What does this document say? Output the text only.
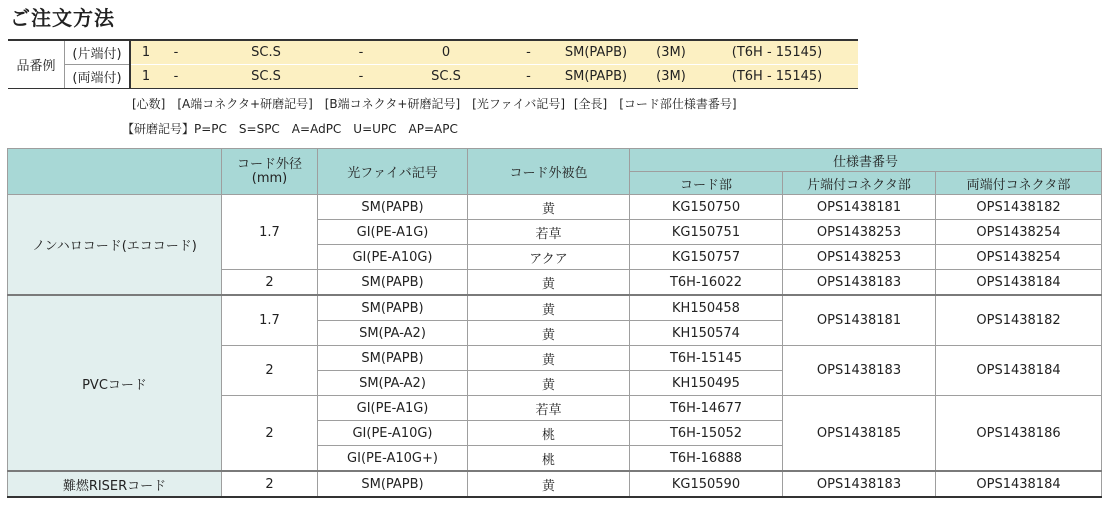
ご注文方法
品番例	(片端付)	1	-	SC.S	-	0	-	SM(PAPB)	(3M)	(T6H - 15145)
	(両端付)	1	-	SC.S	-	SC.S	-	SM(PAPB)	(3M)	(T6H - 15145)
[心数]　[A端コネクタ+研磨記号]　[B端コネクタ+研磨記号]　[光ファイバ記号] [全長]　[コード部仕様書番号]
【研磨記号】P=PC　S=SPC　A=AdPC　U=UPC　AP=APC
	コード外径
(mm)	光ファイバ記号	コード外被色	仕様書番号		
				コード部	片端付コネクタ部	両端付コネクタ部
ノンハロコード(エココード)	1.7	SM(PAPB)	黄	KG150750	OPS1438181	OPS1438182
		GI(PE-A1G)	若草	KG150751	OPS1438253	OPS1438254
		GI(PE-A10G)	アクア	KG150757	OPS1438253	OPS1438254
	2	SM(PAPB)	黄	T6H-16022	OPS1438183	OPS1438184
PVCコード	1.7	SM(PAPB)	黄	KH150458	OPS1438181	OPS1438182
		SM(PA-A2)	黄	KH150574		
	2	SM(PAPB)	黄	T6H-15145	OPS1438183	OPS1438184
		SM(PA-A2)	黄	KH150495		
	2	GI(PE-A1G)	若草	T6H-14677	OPS1438185	OPS1438186
		GI(PE-A10G)	桃	T6H-15052		
		GI(PE-A10G+)	桃	T6H-16888		
難燃RISERコード	2	SM(PAPB)	黄	KG150590	OPS1438183	OPS1438184
